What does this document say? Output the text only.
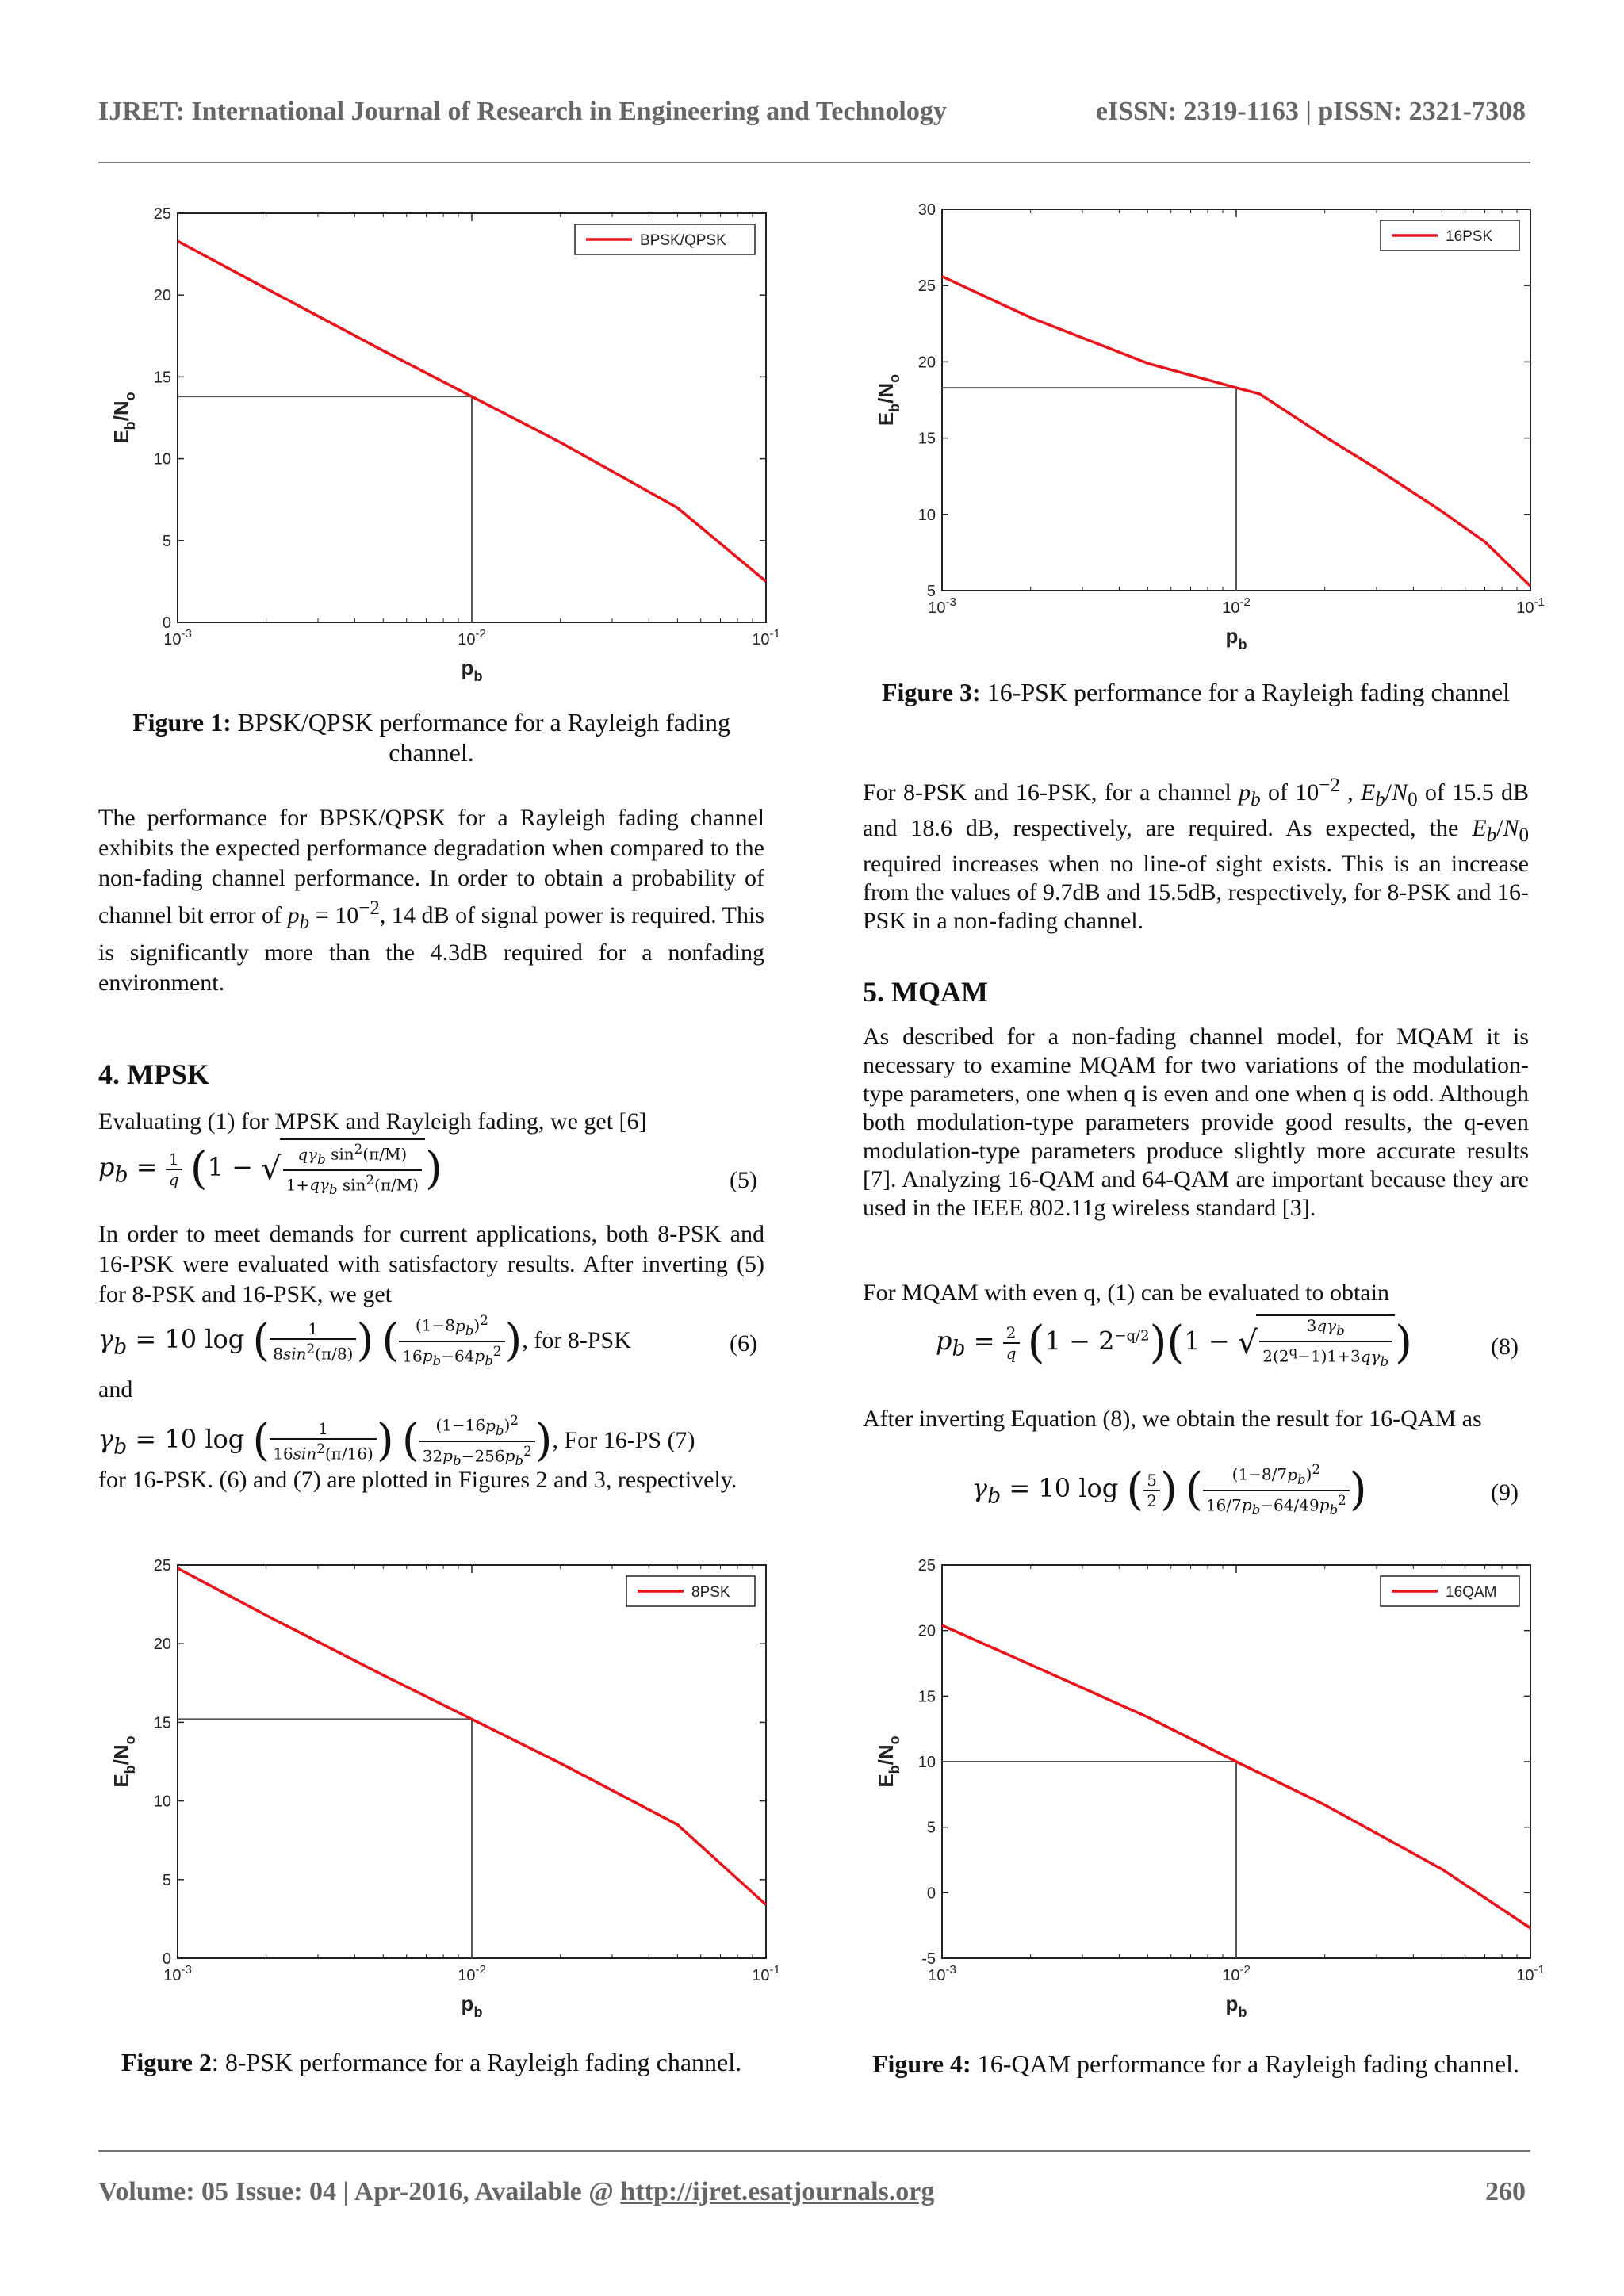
IJRET: International Journal of Research in Engineering and Technology	eISSN: 2319-1163 | pISSN: 2321-7308
0
5
10
15
20
25
$10^{-3}$	$10^{-2}$	$10^{-1}$
$p_b$
$E_b/N_o$
BPSK/QPSK
Figure 1: BPSK/QPSK performance for a Rayleigh fading channel.

The performance for BPSK/QPSK for a Rayleigh fading channel exhibits the expected performance degradation when compared to the non-fading channel performance. In order to obtain a probability of channel bit error of $p_b = 10^{-2}$, 14 dB of signal power is required. This is significantly more than the 4.3dB required for a nonfading environment.

4. MPSK
Evaluating (1) for MPSK and Rayleigh fading, we get [6]
$p_b = \frac{1}{q} (1$ − √ $\frac{q\gamma_b \sin^2(\pi/M)}{1+q\gamma_b \sin^2(\pi/M)}$ )	(5)
In order to meet demands for current applications, both 8-PSK and 16-PSK were evaluated with satisfactory results. After inverting (5) for 8-PSK and 16-PSK, we get
$\gamma_b = 10$ log ( $\frac{1}{8\sin^2(\pi/8)}$ ) ( $\frac{(1-8p_b)^2}{16p_b-64p_b^2}$ ), for 8-PSK	(6)
and
$\gamma_b = 10$ log ( $\frac{1}{16\sin^2(\pi/16)}$ ) ( $\frac{(1-16p_b)^2}{32p_b-256p_b^2}$ ), For 16-PS (7)
for 16-PSK. (6) and (7) are plotted in Figures 2 and 3, respectively.
0
5
10
15
20
25
$10^{-3}$	$10^{-2}$	$10^{-1}$
$p_b$
$E_b/N_o$
8PSK
Figure 2: 8-PSK performance for a Rayleigh fading channel.
5
10
15
20
25
30
$10^{-3}$	$10^{-2}$	$10^{-1}$
$p_b$
$E_b/N_o$
16PSK
Figure 3: 16-PSK performance for a Rayleigh fading channel

For 8-PSK and 16-PSK, for a channel $p_b$ of $10^{-2}$ , $E_b/N_0$ of 15.5 dB and 18.6 dB, respectively, are required. As expected, the $E_b/N_0$ required increases when no line-of sight exists. This is an increase from the values of 9.7dB and 15.5dB, respectively, for 8-PSK and 16-PSK in a non-fading channel.

5. MQAM
As described for a non-fading channel model, for MQAM it is necessary to examine MQAM for two variations of the modulation-type parameters, one when q is even and one when q is odd. Although both modulation-type parameters provide good results, the q-even modulation-type parameters produce slightly more accurate results [7]. Analyzing 16-QAM and 64-QAM are important because they are used in the IEEE 802.11g wireless standard [3].
For MQAM with even q, (1) can be evaluated to obtain
$p_b = \frac{2}{q} (1 - 2^{-q/2})(1$ − √ $\frac{3q\gamma_b}{2(2^q-1)1+3q\gamma_b}$ )	(8)
After inverting Equation (8), we obtain the result for 16-QAM as
$\gamma_b = 10$ log ( $\frac{5}{2}$ ) ( $\frac{(1-8/7p_b)^2}{16/7p_b-64/49p_b^2}$ )	(9)
-5
0
5
10
15
20
25
$10^{-3}$	$10^{-2}$	$10^{-1}$
$p_b$
$E_b/N_o$
16QAM
Figure 4: 16-QAM performance for a Rayleigh fading channel.
Volume: 05 Issue: 04 | Apr-2016, Available @ http://ijret.esatjournals.org	260
